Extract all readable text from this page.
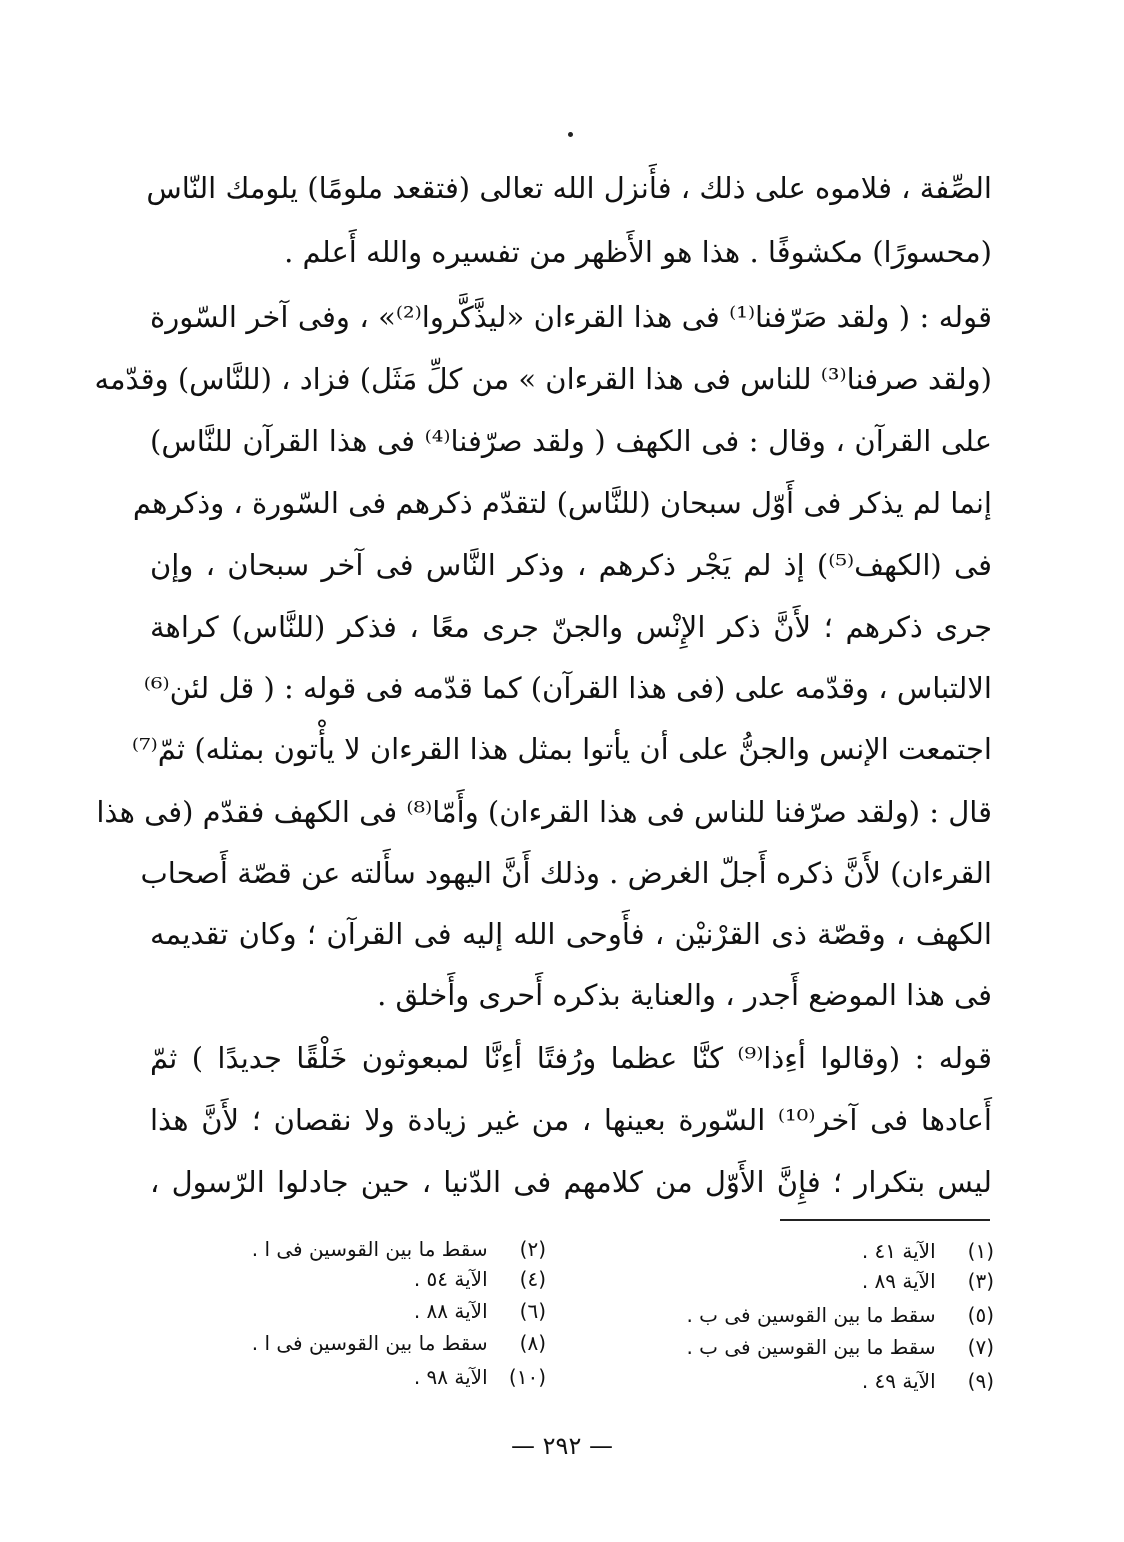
الصِّفة ، فلاموه على ذلك ، فأَنزل الله تعالى (فتقعد ملومًا) يلومك النّاس
(محسورًا) مكشوفًا . هذا هو الأَظهر من تفسيره والله أَعلم .
قوله : ( ولقد صَرّفنا⁽¹⁾ فى هذا القرءان «ليذَّكَّروا⁽²⁾» ، وفى آخر السّورة
(ولقد صرفنا⁽³⁾ للناس فى هذا القرءان » من كلِّ مَثَل) فزاد ، (للنَّاس) وقدّمه
على القرآن ، وقال : فى الكهف ( ولقد صرّفنا⁽⁴⁾ فى هذا القرآن للنَّاس)
إنما لم يذكر فى أَوّل سبحان (للنَّاس) لتقدّم ذكرهم فى السّورة ، وذكرهم
فى (الكهف⁽⁵⁾) إذ لم يَجْر ذكرهم ، وذكر النَّاس فى آخر سبحان ، وإن
جرى ذكرهم ؛ لأَنَّ ذكر الإِنْس والجنّ جرى معًا ، فذكر (للنَّاس) كراهة
الالتباس ، وقدّمه على (فى هذا القرآن) كما قدّمه فى قوله : ( قل لئن⁽⁶⁾
اجتمعت الإنس والجنُّ على أن يأتوا بمثل هذا القرءان لا يأْتون بمثله) ثمّ⁽⁷⁾
قال : (ولقد صرّفنا للناس فى هذا القرءان) وأَمّا⁽⁸⁾ فى الكهف فقدّم (فى هذا
القرءان) لأَنَّ ذكره أَجلّ الغرض . وذلك أَنَّ اليهود سأَلته عن قصّة أَصحاب
الكهف ، وقصّة ذى القرْنيْن ، فأَوحى الله إليه فى القرآن ؛ وكان تقديمه
فى هذا الموضع أَجدر ، والعناية بذكره أَحرى وأَخلق .
قوله : (وقالوا أءِذا⁽⁹⁾ كنَّا عظما ورُفتًا أءِنَّا لمبعوثون خَلْقًا جديدًا ) ثمّ
أَعادها فى آخر⁽¹⁰⁾ السّورة بعينها ، من غير زيادة ولا نقصان ؛ لأَنَّ هذا
ليس بتكرار ؛ فإِنَّ الأَوّل من كلامهم فى الدّنيا ، حين جادلوا الرّسول ،
(١) الآية ٤١ .
(٣) الآية ٨٩ .
(٥) سقط ما بين القوسين فى ب .
(٧) سقط ما بين القوسين فى ب .
(٩) الآية ٤٩ .
(٢) سقط ما بين القوسين فى ا .
(٤) الآية ٥٤ .
(٦) الآية ٨٨ .
(٨) سقط ما بين القوسين فى ا .
(١٠) الآية ٩٨ .
— ٢٩٢ —
